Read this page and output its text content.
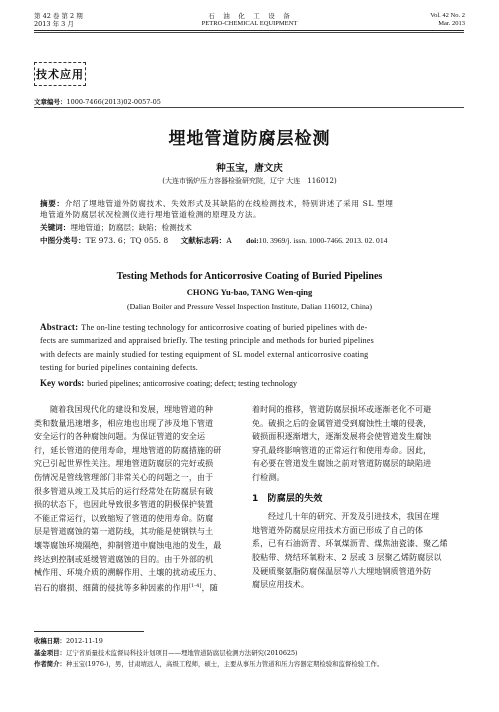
第 42 卷 第 2 期
2013 年 3 月
石　油　化　工　设　备
PETRO-CHEMICAL EQUIPMENT
Vol. 42 No. 2
Mar. 2013
技术应用
文章编号：1000-7466(2013)02-0057-05
埋地管道防腐层检测
种玉宝，唐文庆
(大连市锅炉压力容器检验研究院，辽宁 大连　116012)
摘要：介绍了埋地管道外防腐技术、失效形式及其缺陷的在线检测技术，特别讲述了采用 SL 型埋
地管道外防腐层状况检测仪进行埋地管道检测的原理及方法。
关键词：埋地管道；防腐层；缺陷；检测技术
中图分类号：TE 973. 6；TQ 055. 8 文献标志码：A doi:10. 3969/j. issn. 1000-7466. 2013. 02. 014
Testing Methods for Anticorrosive Coating of Buried Pipelines
CHONG Yu-bao, TANG Wen-qing
(Dalian Boiler and Pressure Vessel Inspection Institute, Dalian 116012, China)
Abstract: The on-line testing technology for anticorrosive coating of buried pipelines with de-
fects are summarized and appraised briefly. The testing principle and methods for buried pipelines
with defects are mainly studied for testing equipment of SL model external anticorrosive coating
testing for buried pipelines containing defects.
Key words: buried pipelines; anticorrosive coating; defect; testing technology
随着我国现代化的建设和发展，埋地管道的种
类和数量迅速增多，相应地也出现了涉及地下管道
安全运行的各种腐蚀问题。为保证管道的安全运
行，延长管道的使用寿命，埋地管道的防腐措施的研
究已引起世界性关注。埋地管道防腐层的完好或损
伤情况是管线管理部门非常关心的问题之一，由于
很多管道从竣工及其后的运行经常处在防腐层有破
损的状态下，也因此导致很多管道的阴极保护装置
不能正常运行，以致缩短了管道的使用寿命。防腐
层是管道腐蚀的第一道防线，其功能是使钢铁与土
壤等腐蚀环境隔绝，抑制管道中腐蚀电池的发生，最
终达到控制或延缓管道腐蚀的目的。由于外部的机
械作用、环境介质的溯解作用、土壤的扰动或压力、
岩石的磨损、细菌的侵扰等多种因素的作用[1-4]，随
着时间的推移，管道防腐层损坏或逐渐老化不可避
免。破损之后的金属管道受到腐蚀性土壤的侵袭，
破损面积逐渐增大，逐渐发展将会使管道发生腐蚀
穿孔最终影响管道的正常运行和使用寿命。因此，
有必要在管道发生腐蚀之前对管道防腐层的缺陷进
行检测。
1　防腐层的失效
经过几十年的研究、开发及引进技术，我国在埋
地管道外防腐层应用技术方面已形成了自己的体
系，已有石油沥青、环氧煤沥青、煤焦油瓷漆、聚乙烯
胶粘带、烧结环氧粉末、2 层或 3 层聚乙烯防腐层以
及硬质聚氨脂防腐保温层等八大埋地钢质管道外防
腐层应用技术。
收稿日期：2012-11-19
基金项目：辽宁省质量技术监督局科技计划项目——埋地管道防腐层检测方法研究(2010625)
作者简介：种玉宝(1976-)，男，甘肃靖远人，高级工程师，硕士，主要从事压力管道和压力容器定期检验和监督检验工作。
